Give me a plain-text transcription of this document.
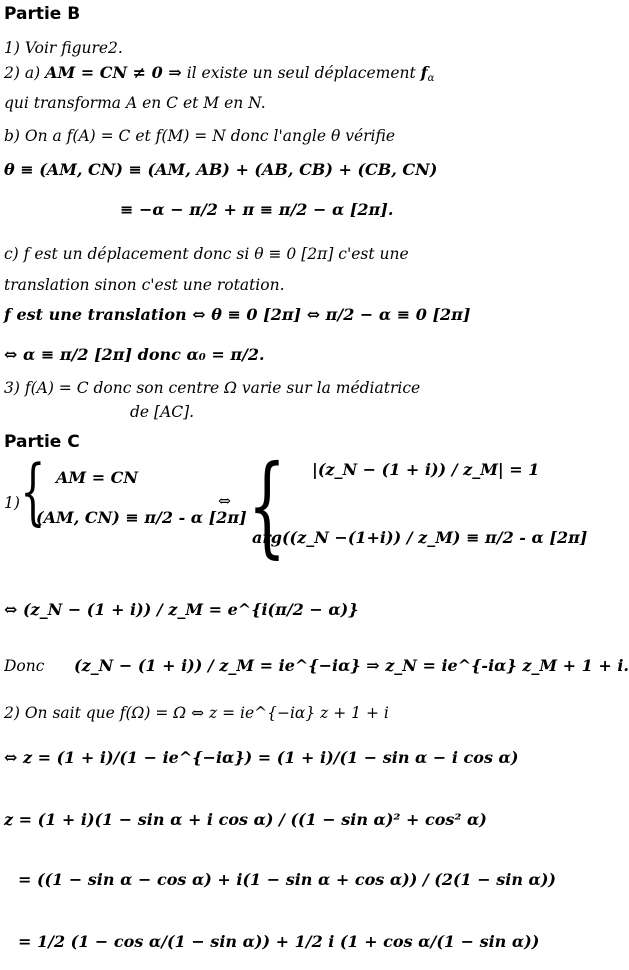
Partie B
1) Voir figure2.
2) a) AM = CN ≠ 0 ⇒ il existe un seul déplacement $f_\alpha$
qui transforma A en C et M en N.
b) On a f(A) = C et f(M) = N donc l'angle θ vérifie
θ ≡ (AM, CN) ≡ (AM, AB) + (AB, CB) + (CB, CN)
≡ −α − π/2 + π ≡ π/2 − α [2π].
c) f est un déplacement donc si θ ≡ 0 [2π] c'est une
translation sinon c'est une rotation.
f est une translation ⇔ θ ≡ 0 [2π] ⇔ π/2 − α ≡ 0 [2π]
⇔ α ≡ π/2 [2π] donc α₀ = π/2.
3) f(A) = C donc son centre Ω varie sur la médiatrice
de [AC].
Partie C
1) { AM = CN
(AM, CN) ≡ π/2 - α [2π]
⇔ { |(z_N − (1 + i)) / z_M| = 1
arg((z_N −(1+i)) / z_M) ≡ π/2 - α [2π]
⇔ (z_N − (1 + i)) / z_M = e^{i(π/2 − α)}
Donc (z_N − (1 + i)) / z_M = ie^{−iα} ⇒ z_N = ie^{-iα} z_M + 1 + i.
2) On sait que f(Ω) = Ω ⇔ z = ie^{−iα} z + 1 + i
⇔ z = (1 + i)/(1 − ie^{−iα}) = (1 + i)/(1 − sin α − i cos α)
z = (1 + i)(1 − sin α + i cos α) / ((1 − sin α)² + cos² α)
= ((1 − sin α − cos α) + i(1 − sin α + cos α)) / (2(1 − sin α))
= 1/2 (1 − cos α/(1 − sin α)) + 1/2 i (1 + cos α/(1 − sin α))
